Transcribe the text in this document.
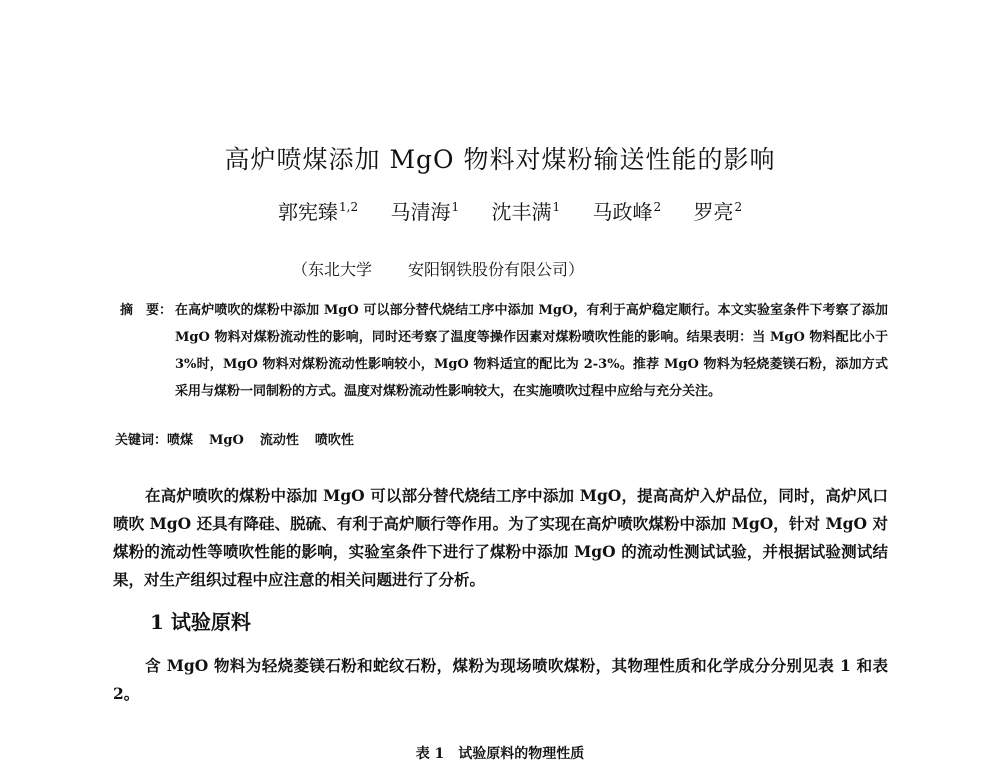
高炉喷煤添加 MgO 物料对煤粉输送性能的影响
郭宪臻$^{1,2}$ 马清海$^1$ 沈丰满$^1$ 马政峰$^2$ 罗亮$^2$
（东北大学 安阳钢铁股份有限公司）
摘　要： 在高炉喷吹的煤粉中添加 MgO 可以部分替代烧结工序中添加 MgO，有利于高炉稳定顺行。本文实验室条件下考察了添加 MgO 物料对煤粉流动性的影响，同时还考察了温度等操作因素对煤粉喷吹性能的影响。结果表明：当 MgO 物料配比小于 3%时，MgO 物料对煤粉流动性影响较小，MgO 物料适宜的配比为 2-3%。推荐 MgO 物料为轻烧菱镁石粉，添加方式采用与煤粉一同制粉的方式。温度对煤粉流动性影响较大，在实施喷吹过程中应给与充分关注。
关键词：喷煤 MgO 流动性 喷吹性
在高炉喷吹的煤粉中添加 MgO 可以部分替代烧结工序中添加 MgO，提高高炉入炉品位，同时，高炉风口喷吹 MgO 还具有降硅、脱硫、有利于高炉顺行等作用。为了实现在高炉喷吹煤粉中添加 MgO，针对 MgO 对煤粉的流动性等喷吹性能的影响，实验室条件下进行了煤粉中添加 MgO 的流动性测试试验，并根据试验测试结果，对生产组织过程中应注意的相关问题进行了分析。
1 试验原料
含 MgO 物料为轻烧菱镁石粉和蛇纹石粉，煤粉为现场喷吹煤粉，其物理性质和化学成分分别见表 1 和表 2。
表 1　试验原料的物理性质
